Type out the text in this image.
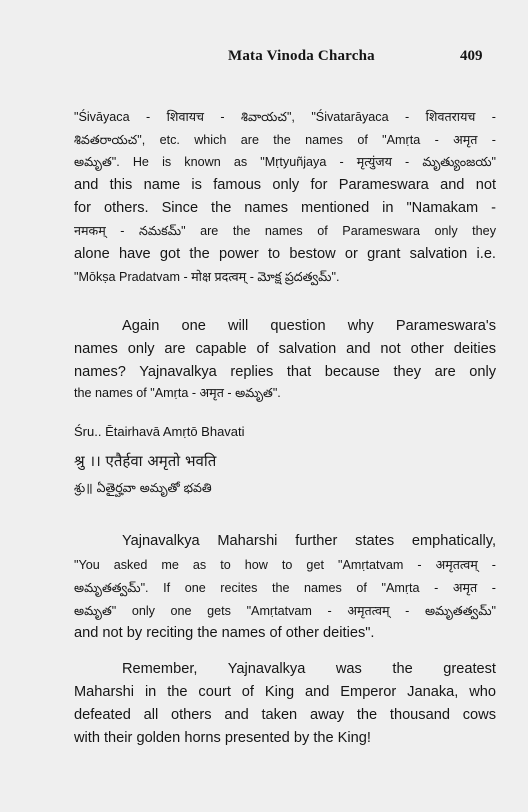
Mata Vinoda Charcha	409
"Śivāyaca - शिवायच - శివాయచ", "Śivatarāyaca - शिवतरायच -
శివతరాయచ", etc. which are the names of "Amṛta - अमृत -
అమృత". He is known as "Mṛtyuñjaya - मृत्युंजय - మృత్యుంజయ"
and this name is famous only for Parameswara and not
for others. Since the names mentioned in "Namakam -
नमकम् - నమకమ్" are the names of Parameswara only they
alone have got the power to bestow or grant salvation i.e.
"Mōkṣa Pradatvam - मोक्ष प्रदत्वम् - మోక్ష ప్రదత్వమ్".
Again one will question why Parameswara's
names only are capable of salvation and not other deities
names? Yajnavalkya replies that because they are only
the names of "Amṛta - अमृत - అమృత".
Śru.. Ētairhavā Amṛtō Bhavati
श्रु ।। एतैर्हवा अमृतो भवति
శ్రు॥ ఏతైర్హవా అమృతో భవతి
Yajnavalkya Maharshi further states emphatically,
"You asked me as to how to get "Amṛtatvam - अमृतत्वम् -
అమృతత్వమ్". If one recites the names of "Amṛta - अमृत -
అమృత" only one gets "Amṛtatvam - अमृतत्वम् - అమృతత్వమ్"
and not by reciting the names of other deities".
Remember, Yajnavalkya was the greatest
Maharshi in the court of King and Emperor Janaka, who
defeated all others and taken away the thousand cows
with their golden horns presented by the King!
